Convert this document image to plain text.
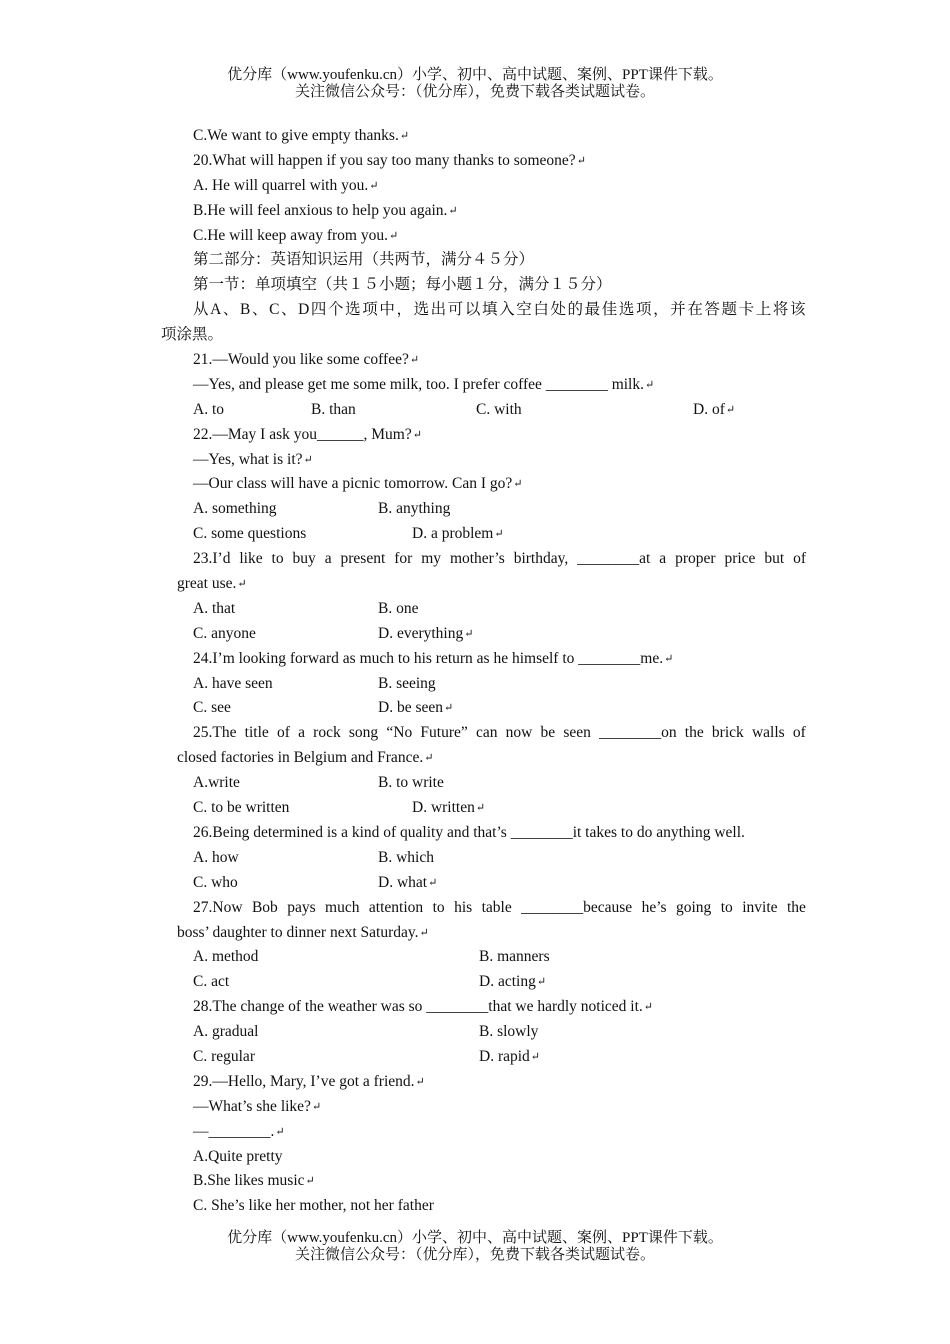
优分库（www.youfenku.cn）小学、初中、高中试题、案例、PPT课件下载。
关注微信公众号：（优分库），免费下载各类试题试卷。
C.We want to give empty thanks.↵
20.What will happen if you say too many thanks to someone?↵
A. He will quarrel with you.↵
B.He will feel anxious to help you again.↵
C.He will keep away from you.↵
第二部分：英语知识运用（共两节，满分４５分）
第一节：单项填空（共１５小题；每小题１分，满分１５分）
从 A 、 B 、 C 、 D 四 个 选 项 中 ， 选 出 可 以 填 入 空 白 处 的 最 佳 选 项 ， 并 在 答 题 卡 上 将 该
项涂黑。
21.—Would you like some coffee?↵
—Yes, and please get me some milk, too. I prefer coffee ________ milk.↵
A. to	B. than	C. with	D. of↵
22.—May I ask you______, Mum?↵
—Yes, what is it?↵
—Our class will have a picnic tomorrow. Can I go?↵
A. something	B. anything
C. some questions	D. a problem↵
23.I’d like to buy a present for my mother’s birthday, ________at a proper price but of
great use.↵
A. that	B. one
C. anyone	D. everything↵
24.I’m looking forward as much to his return as he himself to ________me.↵
A. have seen	B. seeing
C. see	D. be seen↵
25.The title of a rock song “No Future” can now be seen ________on the brick walls of
closed factories in Belgium and France.↵
A.write	B. to write
C. to be written	D. written↵
26.Being determined is a kind of quality and that’s ________it takes to do anything well.
A. how	B. which
C. who	D. what↵
27.Now Bob pays much attention to his table ________because he’s going to invite the
boss’ daughter to dinner next Saturday.↵
A. method	B. manners
C. act	D. acting↵
28.The change of the weather was so ________that we hardly noticed it.↵
A. gradual	B. slowly
C. regular	D. rapid↵
29.—Hello, Mary, I’ve got a friend.↵
—What’s she like?↵
—________.↵
A.Quite pretty
B.She likes music↵
C. She’s like her mother, not her father
优分库（www.youfenku.cn）小学、初中、高中试题、案例、PPT课件下载。
关注微信公众号：（优分库），免费下载各类试题试卷。
